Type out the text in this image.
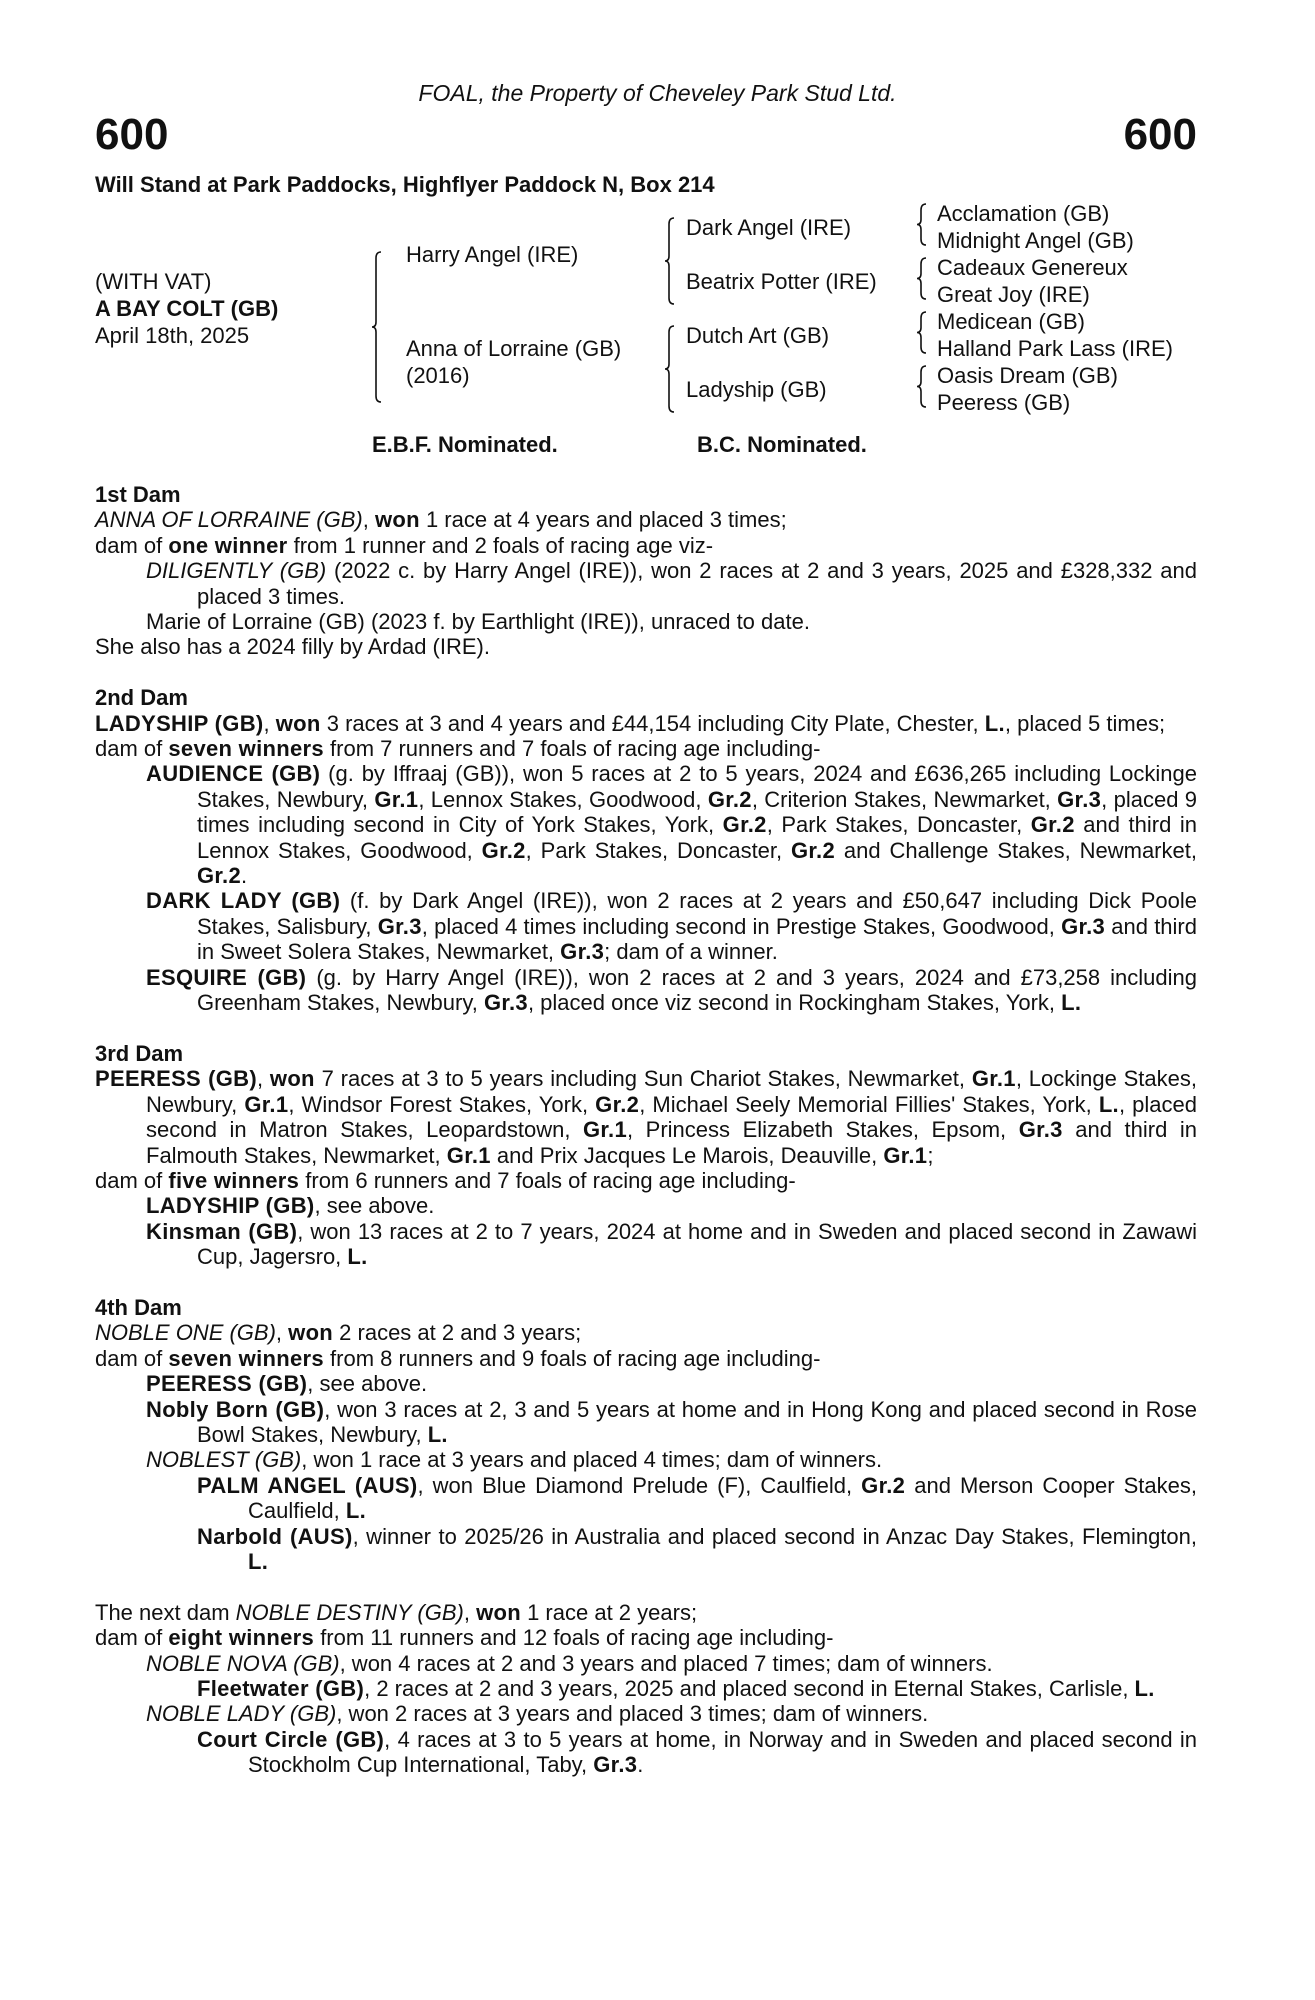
FOAL, the Property of Cheveley Park Stud Ltd.
600	600
Will Stand at Park Paddocks, Highflyer Paddock N, Box 214
(WITH VAT)
A BAY COLT (GB)
April 18th, 2025
Harry Angel (IRE)
Anna of Lorraine (GB)
(2016)
Dark Angel (IRE)
Beatrix Potter (IRE)
Dutch Art (GB)
Ladyship (GB)
Acclamation (GB)
Midnight Angel (GB)
Cadeaux Genereux
Great Joy (IRE)
Medicean (GB)
Halland Park Lass (IRE)
Oasis Dream (GB)
Peeress (GB)
E.B.F. Nominated.	B.C. Nominated.
1st Dam
ANNA OF LORRAINE (GB), won 1 race at 4 years and placed 3 times;
dam of one winner from 1 runner and 2 foals of racing age viz-
DILIGENTLY (GB) (2022 c. by Harry Angel (IRE)), won 2 races at 2 and 3 years, 2025 and £328,332 and placed 3 times.
Marie of Lorraine (GB) (2023 f. by Earthlight (IRE)), unraced to date.
She also has a 2024 filly by Ardad (IRE).
2nd Dam
LADYSHIP (GB), won 3 races at 3 and 4 years and £44,154 including City Plate, Chester, L., placed 5 times;
dam of seven winners from 7 runners and 7 foals of racing age including-
AUDIENCE (GB) (g. by Iffraaj (GB)), won 5 races at 2 to 5 years, 2024 and £636,265 including Lockinge Stakes, Newbury, Gr.1, Lennox Stakes, Goodwood, Gr.2, Criterion Stakes, Newmarket, Gr.3, placed 9 times including second in City of York Stakes, York, Gr.2, Park Stakes, Doncaster, Gr.2 and third in Lennox Stakes, Goodwood, Gr.2, Park Stakes, Doncaster, Gr.2 and Challenge Stakes, Newmarket, Gr.2.
DARK LADY (GB) (f. by Dark Angel (IRE)), won 2 races at 2 years and £50,647 including Dick Poole Stakes, Salisbury, Gr.3, placed 4 times including second in Prestige Stakes, Goodwood, Gr.3 and third in Sweet Solera Stakes, Newmarket, Gr.3; dam of a winner.
ESQUIRE (GB) (g. by Harry Angel (IRE)), won 2 races at 2 and 3 years, 2024 and £73,258 including Greenham Stakes, Newbury, Gr.3, placed once viz second in Rockingham Stakes, York, L.
3rd Dam
PEERESS (GB), won 7 races at 3 to 5 years including Sun Chariot Stakes, Newmarket, Gr.1, Lockinge Stakes, Newbury, Gr.1, Windsor Forest Stakes, York, Gr.2, Michael Seely Memorial Fillies' Stakes, York, L., placed second in Matron Stakes, Leopardstown, Gr.1, Princess Elizabeth Stakes, Epsom, Gr.3 and third in Falmouth Stakes, Newmarket, Gr.1 and Prix Jacques Le Marois, Deauville, Gr.1;
dam of five winners from 6 runners and 7 foals of racing age including-
LADYSHIP (GB), see above.
Kinsman (GB), won 13 races at 2 to 7 years, 2024 at home and in Sweden and placed second in Zawawi Cup, Jagersro, L.
4th Dam
NOBLE ONE (GB), won 2 races at 2 and 3 years;
dam of seven winners from 8 runners and 9 foals of racing age including-
PEERESS (GB), see above.
Nobly Born (GB), won 3 races at 2, 3 and 5 years at home and in Hong Kong and placed second in Rose Bowl Stakes, Newbury, L.
NOBLEST (GB), won 1 race at 3 years and placed 4 times; dam of winners.
PALM ANGEL (AUS), won Blue Diamond Prelude (F), Caulfield, Gr.2 and Merson Cooper Stakes, Caulfield, L.
Narbold (AUS), winner to 2025/26 in Australia and placed second in Anzac Day Stakes, Flemington, L.
The next dam NOBLE DESTINY (GB), won 1 race at 2 years;
dam of eight winners from 11 runners and 12 foals of racing age including-
NOBLE NOVA (GB), won 4 races at 2 and 3 years and placed 7 times; dam of winners.
Fleetwater (GB), 2 races at 2 and 3 years, 2025 and placed second in Eternal Stakes, Carlisle, L.
NOBLE LADY (GB), won 2 races at 3 years and placed 3 times; dam of winners.
Court Circle (GB), 4 races at 3 to 5 years at home, in Norway and in Sweden and placed second in Stockholm Cup International, Taby, Gr.3.
